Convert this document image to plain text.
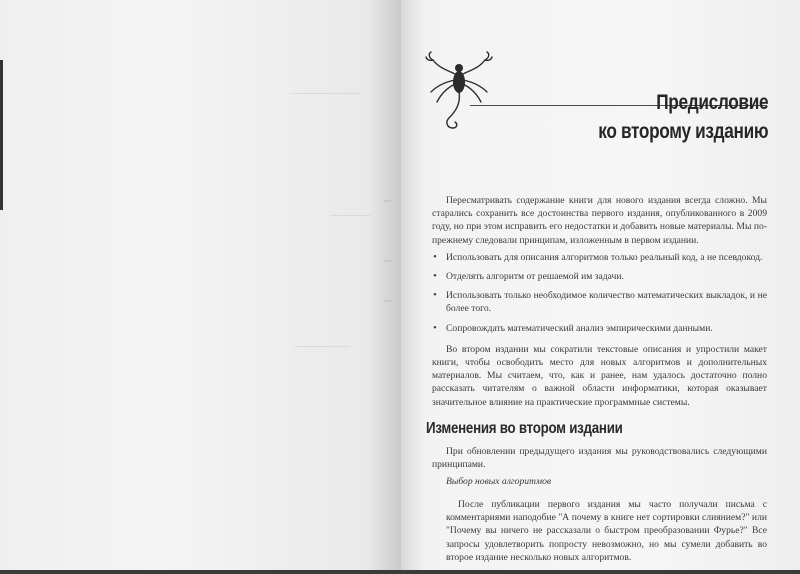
Предисловие
ко второму изданию

Пересматривать содержание книги для нового издания всегда сложно. Мы старались сохранить все достоинства первого издания, опубликованного в 2009 году, но при этом исправить его недостатки и добавить новые материалы. Мы по-прежнему следовали принципам, изложенным в первом издании.

• Использовать для описания алгоритмов только реальный код, а не псевдокод.
• Отделять алгоритм от решаемой им задачи.
• Использовать только необходимое количество математических выкладок, и не более того.
• Сопровождать математический анализ эмпирическими данными.

Во втором издании мы сократили текстовые описания и упростили макет книги, чтобы освободить место для новых алгоритмов и дополнительных материалов. Мы считаем, что, как и ранее, нам удалось достаточно полно рассказать читателям о важной области информатики, которая оказывает значительное влияние на практические программные системы.

Изменения во втором издании

При обновлении предыдущего издания мы руководствовались следующими принципами.

Выбор новых алгоритмов

После публикации первого издания мы часто получали письма с комментариями наподобие "А почему в книге нет сортировки слиянием?" или "Почему вы ничего не рассказали о быстром преобразовании Фурье?" Все запросы удовлетворить попросту невозможно, но мы сумели добавить во второе издание несколько новых алгоритмов.
